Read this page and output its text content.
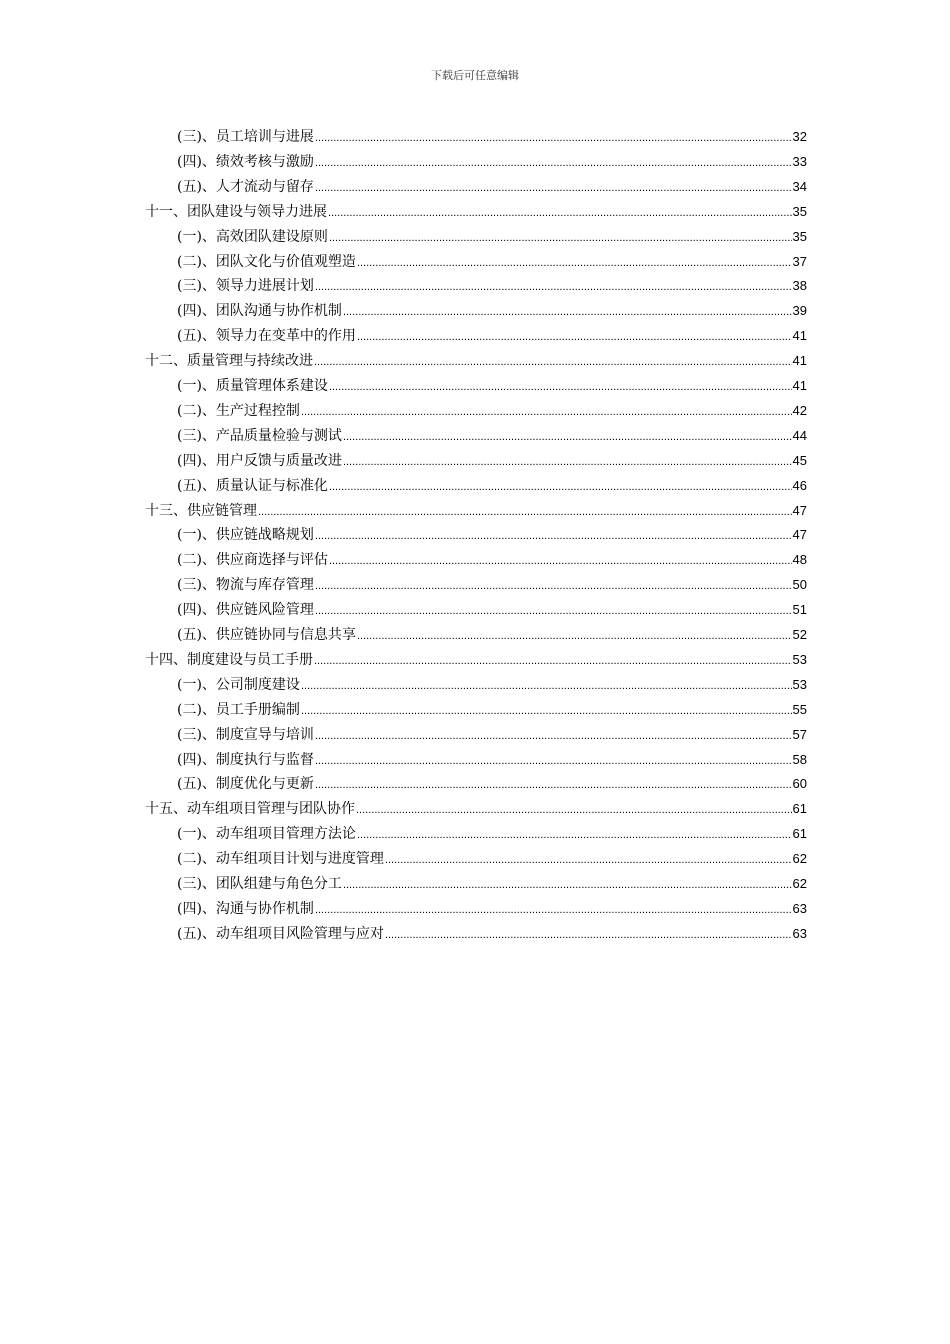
下载后可任意编辑
(三)、员工培训与进展 .....	32
(四)、绩效考核与激励 .....	33
(五)、人才流动与留存 .....	34
十一、团队建设与领导力进展 .....	35
(一)、高效团队建设原则 .....	35
(二)、团队文化与价值观塑造 .....	37
(三)、领导力进展计划 .....	38
(四)、团队沟通与协作机制 .....	39
(五)、领导力在变革中的作用 .....	41
十二、质量管理与持续改进 .....	41
(一)、质量管理体系建设 .....	41
(二)、生产过程控制 .....	42
(三)、产品质量检验与测试 .....	44
(四)、用户反馈与质量改进 .....	45
(五)、质量认证与标准化 .....	46
十三、供应链管理 .....	47
(一)、供应链战略规划 .....	47
(二)、供应商选择与评估 .....	48
(三)、物流与库存管理 .....	50
(四)、供应链风险管理 .....	51
(五)、供应链协同与信息共享 .....	52
十四、制度建设与员工手册 .....	53
(一)、公司制度建设 .....	53
(二)、员工手册编制 .....	55
(三)、制度宣导与培训 .....	57
(四)、制度执行与监督 .....	58
(五)、制度优化与更新 .....	60
十五、动车组项目管理与团队协作 .....	61
(一)、动车组项目管理方法论 .....	61
(二)、动车组项目计划与进度管理 .....	62
(三)、团队组建与角色分工 .....	62
(四)、沟通与协作机制 .....	63
(五)、动车组项目风险管理与应对 .....	63
